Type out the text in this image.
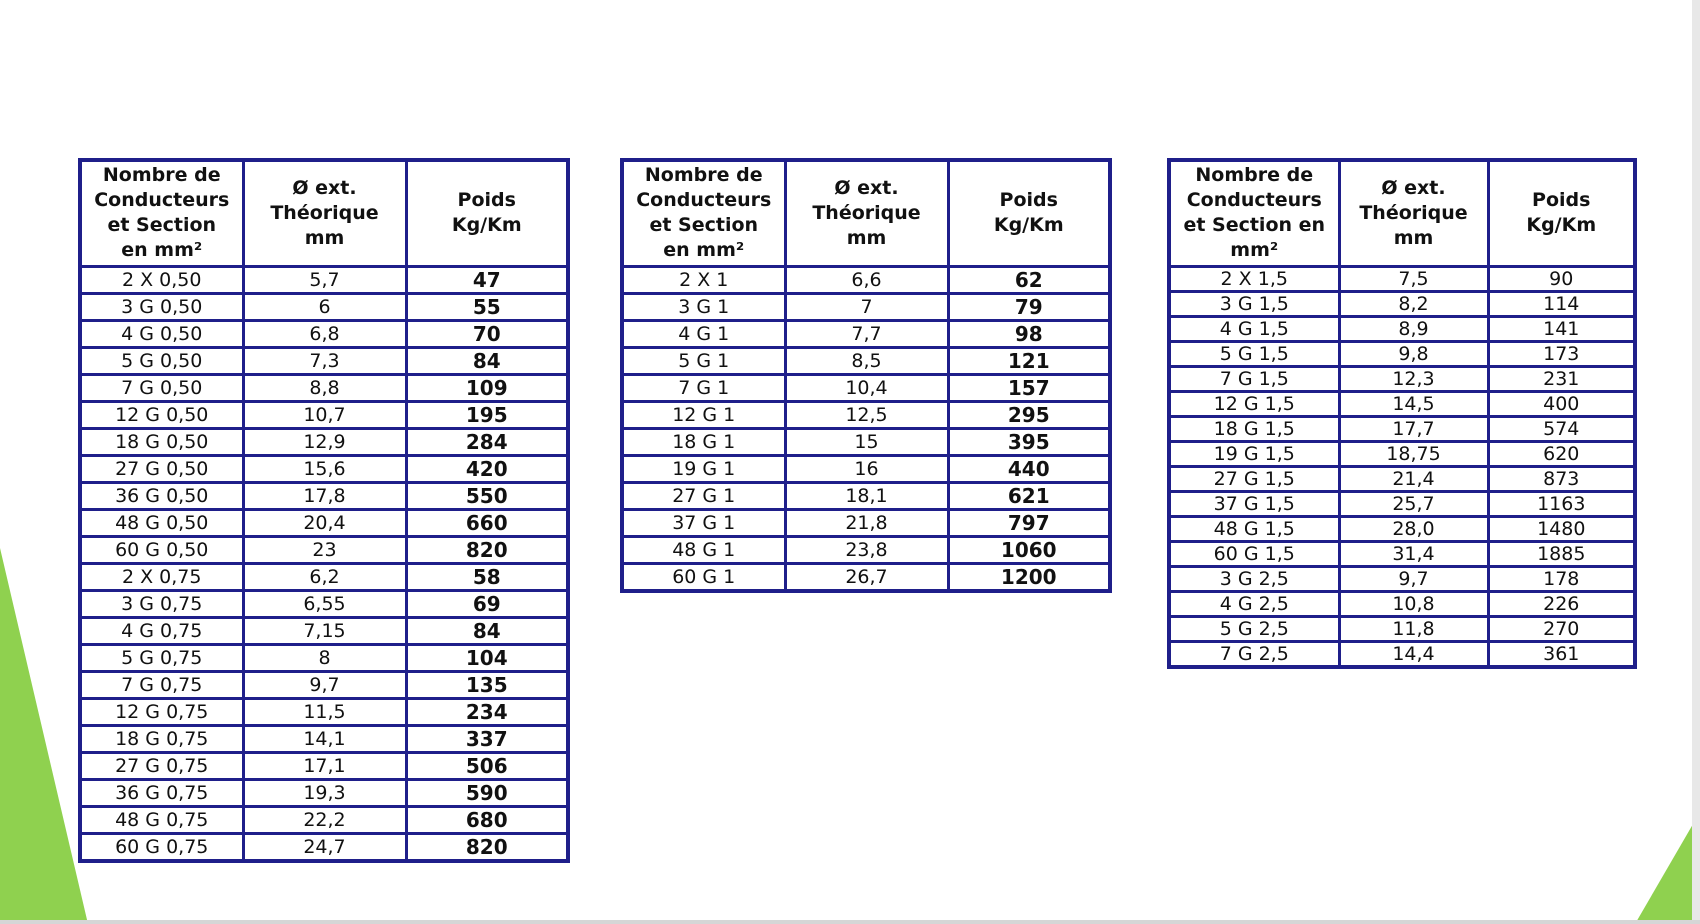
Nombre de
Conducteurs
et Section
en mm²	Ø ext.
Théorique
mm	Poids
Kg/Km

2 X 0,50	5,7	47
3 G 0,50	6	55
4 G 0,50	6,8	70
5 G 0,50	7,3	84
7 G 0,50	8,8	109
12 G 0,50	10,7	195
18 G 0,50	12,9	284
27 G 0,50	15,6	420
36 G 0,50	17,8	550
48 G 0,50	20,4	660
60 G 0,50	23	820
2 X 0,75	6,2	58
3 G 0,75	6,55	69
4 G 0,75	7,15	84
5 G 0,75	8	104
7 G 0,75	9,7	135
12 G 0,75	11,5	234
18 G 0,75	14,1	337
27 G 0,75	17,1	506
36 G 0,75	19,3	590
48 G 0,75	22,2	680
60 G 0,75	24,7	820
Nombre de
Conducteurs
et Section
en mm²	Ø ext.
Théorique
mm	Poids
Kg/Km

2 X 1	6,6	62
3 G 1	7	79
4 G 1	7,7	98
5 G 1	8,5	121
7 G 1	10,4	157
12 G 1	12,5	295
18 G 1	15	395
19 G 1	16	440
27 G 1	18,1	621
37 G 1	21,8	797
48 G 1	23,8	1060
60 G 1	26,7	1200
Nombre de
Conducteurs
et Section en
mm²	Ø ext.
Théorique
mm	Poids
Kg/Km

2 X 1,5	7,5	90
3 G 1,5	8,2	114
4 G 1,5	8,9	141
5 G 1,5	9,8	173
7 G 1,5	12,3	231
12 G 1,5	14,5	400
18 G 1,5	17,7	574
19 G 1,5	18,75	620
27 G 1,5	21,4	873
37 G 1,5	25,7	1163
48 G 1,5	28,0	1480
60 G 1,5	31,4	1885
3 G 2,5	9,7	178
4 G 2,5	10,8	226
5 G 2,5	11,8	270
7 G 2,5	14,4	361
